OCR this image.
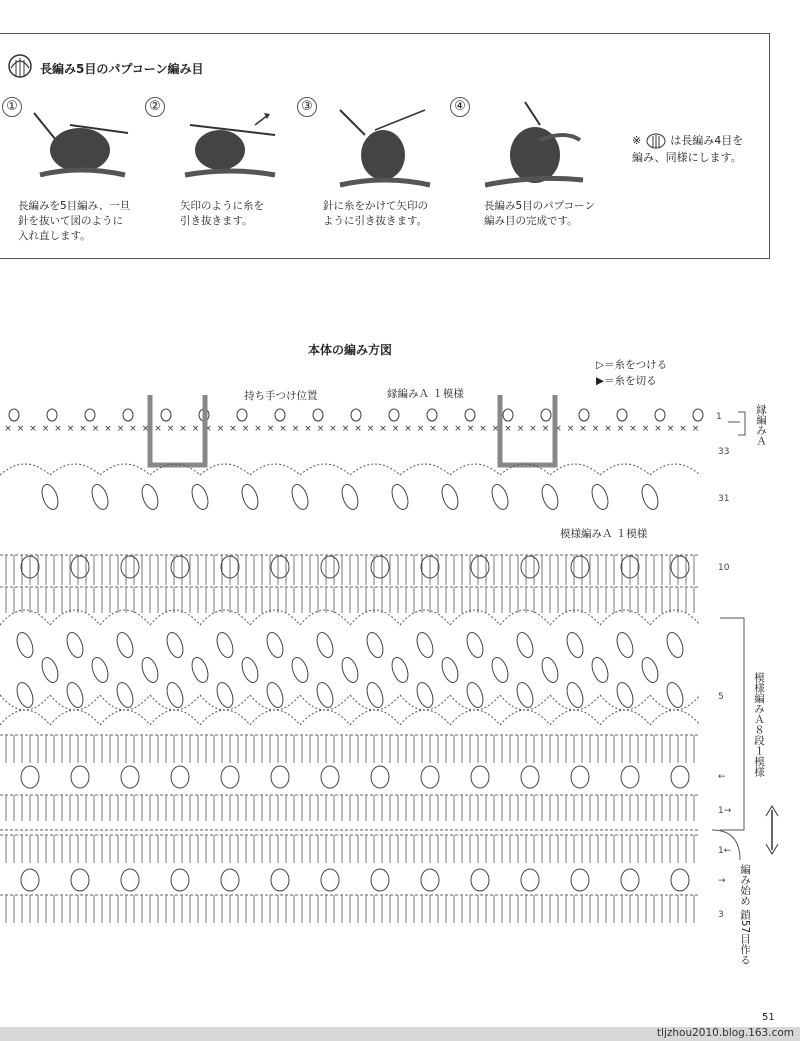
長編み5目のパプコーン編み目
①	②	③	④
長編みを5目編み、一旦
針を抜いて図のように
入れ直します。
矢印のように糸を
引き抜きます。
針に糸をかけて矢印の
ように引き抜きます。
長編み5目のパプコーン
編み目の完成です。
※	は長編み4目を
編み、同様にします。
本体の編み方図
▷＝糸をつける
▶＝糸を切る
持ち手つけ位置	縁編みＡ １模様
模様編みＡ １模様
× × × × × × × × × × × × × × × × × × × × × × × × × × × × × × × × × × × × × × × × × × × × × × × × × × × × × × × ×
1
33
31
10
5
1→
←
1←
→
3
縁編みＡ
模様編みＡ８段１模様
編み始め 鎖57目作る
51
tljzhou2010.blog.163.com
